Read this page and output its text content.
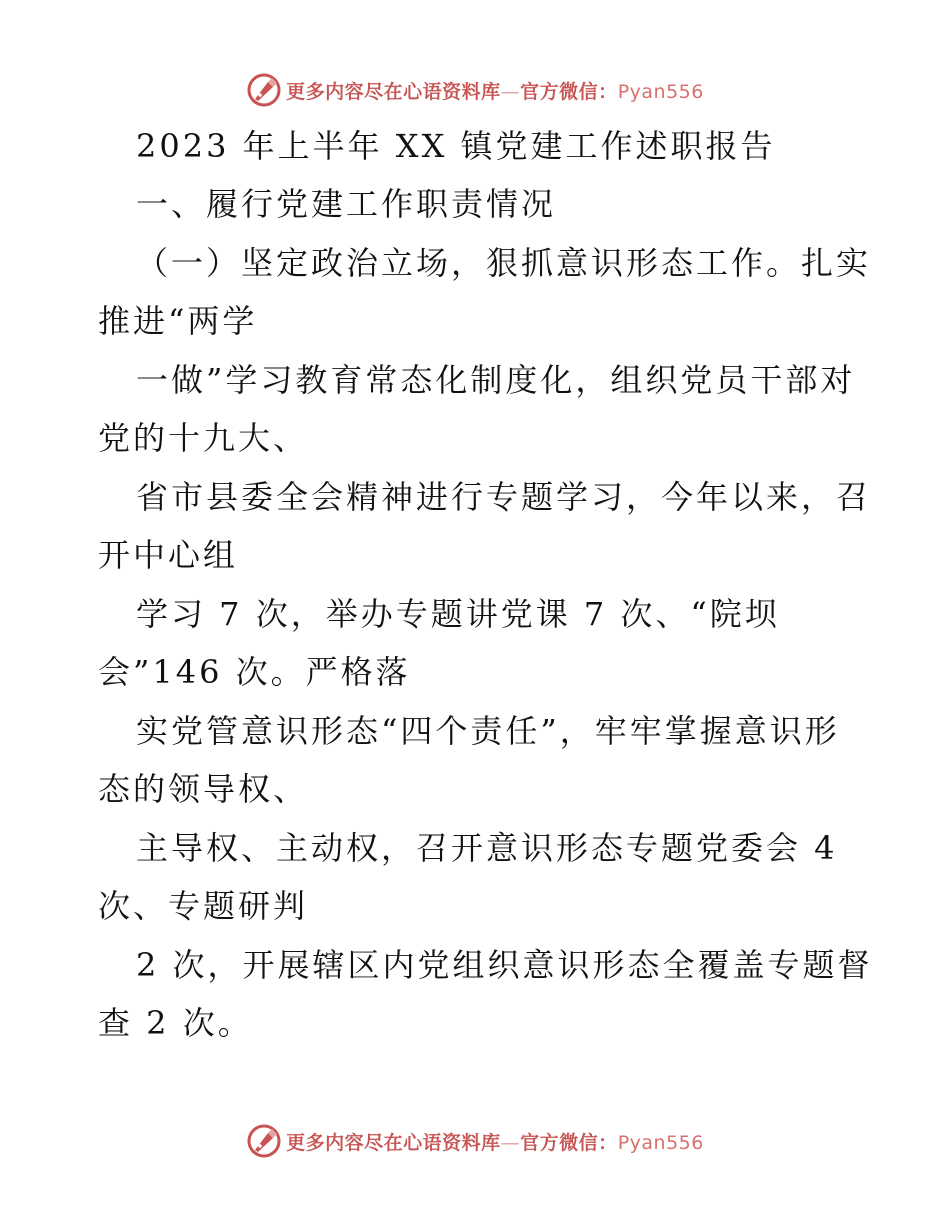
更多内容尽在心语资料库—官方微信：Pyan556
2023 年上半年 XX 镇党建工作述职报告
一、履行党建工作职责情况
（一）坚定政治立场，狠抓意识形态工作。扎实
推进“两学
一做”学习教育常态化制度化，组织党员干部对
党的十九大、
省市县委全会精神进行专题学习，今年以来，召
开中心组
学习 7 次，举办专题讲党课 7 次、“院坝
会”146 次。严格落
实党管意识形态“四个责任”，牢牢掌握意识形
态的领导权、
主导权、主动权，召开意识形态专题党委会 4
次、专题研判
2 次，开展辖区内党组织意识形态全覆盖专题督
查 2 次。
更多内容尽在心语资料库—官方微信：Pyan556
